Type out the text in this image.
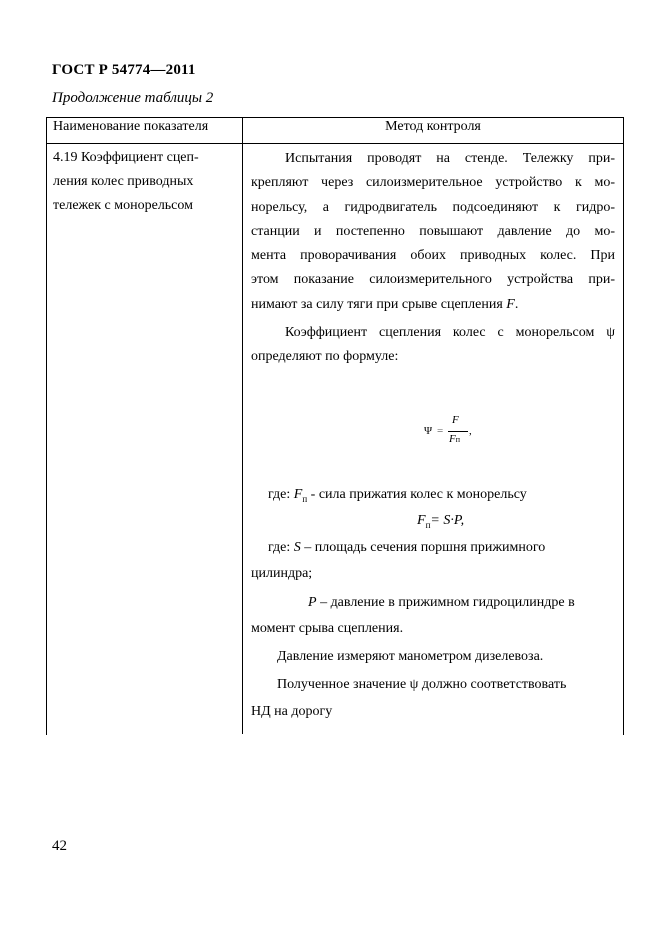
ГОСТ Р 54774—2011
Продолжение таблицы 2
Наименование показателя	Метод контроля
4.19 Коэффициент сцеп-
ления колес приводных
тележек с монорельсом
Испытания проводят на стенде. Тележку при-
крепляют через силоизмерительное устройство к мо-
норельсу, а гидродвигатель подсоединяют к гидро-
станции и постепенно повышают давление до мо-
мента проворачивания обоих приводных колес. При
этом показание силоизмерительного устройства при-
нимают за силу тяги при срыве сцепления F.
Коэффициент сцепления колес с монорельсом ψ
определяют по формуле:
Ψ =
F
Fп
,
где: $F_п$ - сила прижатия колес к монорельсу
$F_п= S\cdot P$,
где: S – площадь сечения поршня прижимного
цилиндра;
P – давление в прижимном гидроцилиндре в
момент срыва сцепления.
Давление измеряют манометром дизелевоза.
Полученное значение ψ должно соответствовать
НД на дорогу
42
